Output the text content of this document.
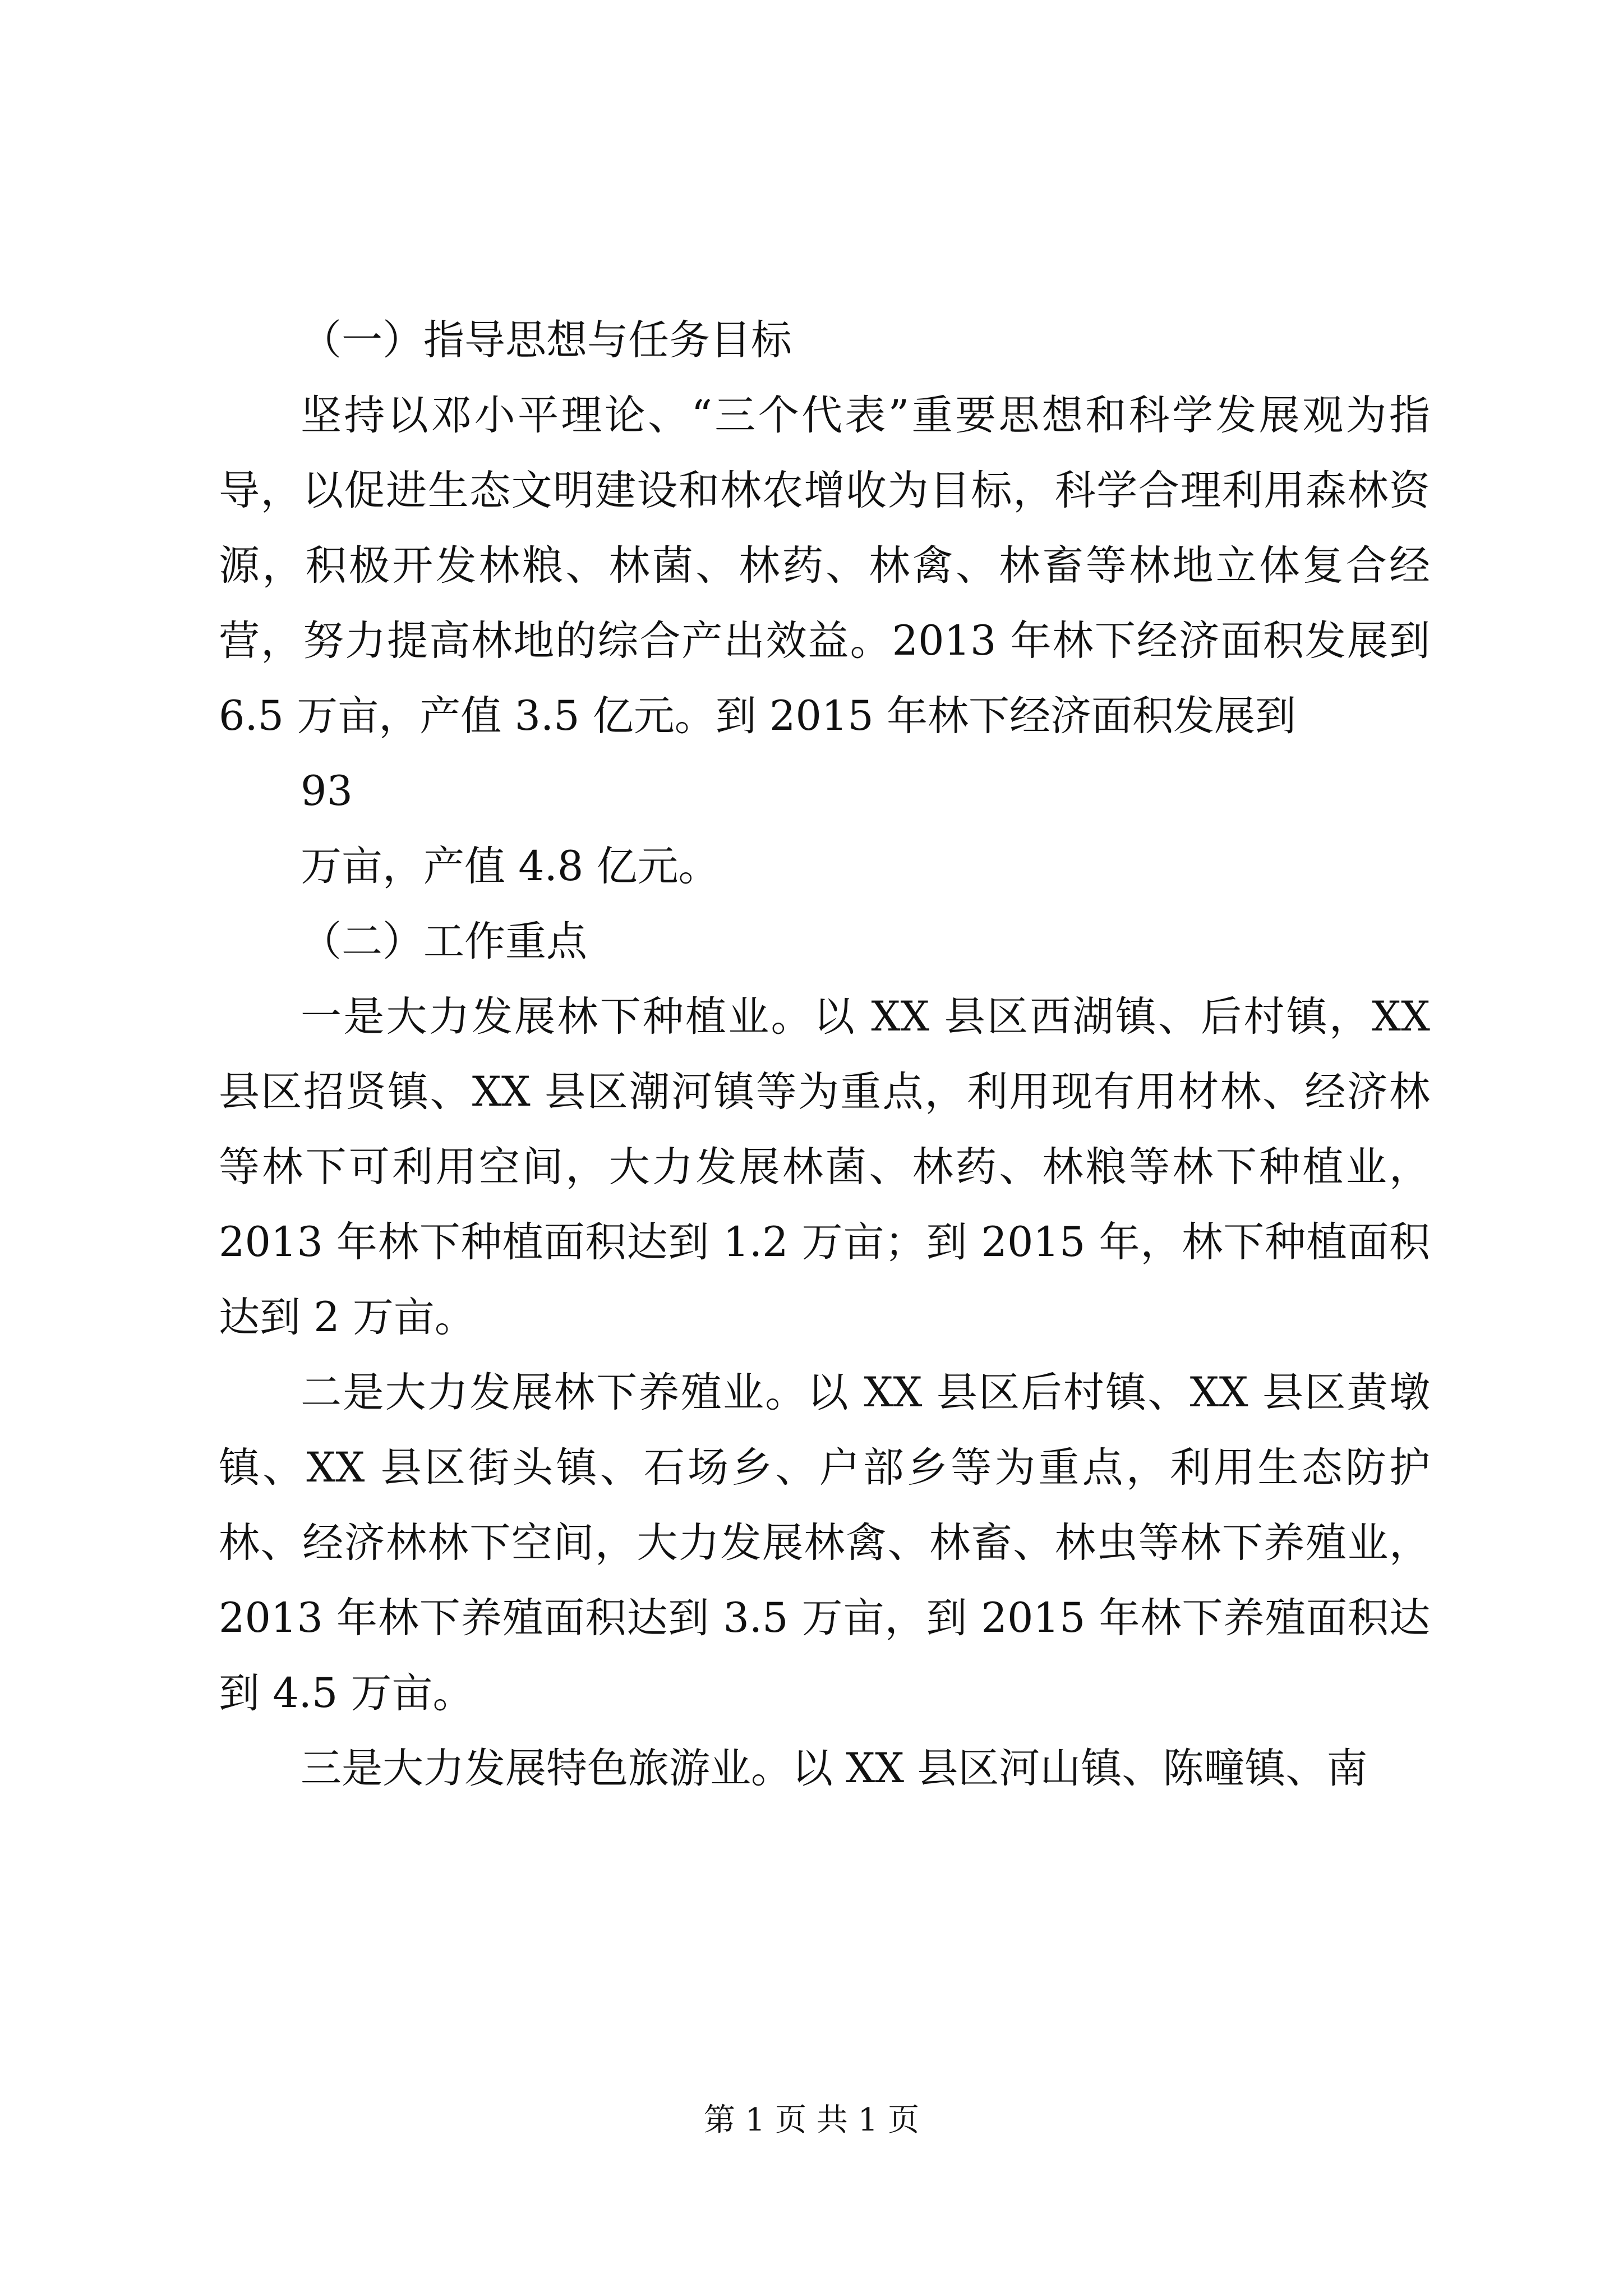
（一）指导思想与任务目标

坚持以邓小平理论、“三个代表”重要思想和科学发展观为指导，以促进生态文明建设和林农增收为目标，科学合理利用森林资源，积极开发林粮、林菌、林药、林禽、林畜等林地立体复合经营，努力提高林地的综合产出效益。2013 年林下经济面积发展到 6.5 万亩，产值 3.5 亿元。到 2015 年林下经济面积发展到

93

万亩，产值 4.8 亿元。

（二）工作重点

一是大力发展林下种植业。以 XX 县区西湖镇、后村镇，XX 县区招贤镇、XX 县区潮河镇等为重点，利用现有用材林、经济林等林下可利用空间，大力发展林菌、林药、林粮等林下种植业，2013 年林下种植面积达到 1.2 万亩；到 2015 年，林下种植面积达到 2 万亩。

二是大力发展林下养殖业。以 XX 县区后村镇、XX 县区黄墩镇、XX 县区街头镇、石场乡、户部乡等为重点，利用生态防护林、经济林林下空间，大力发展林禽、林畜、林虫等林下养殖业，2013 年林下养殖面积达到 3.5 万亩，到 2015 年林下养殖面积达到 4.5 万亩。

三是大力发展特色旅游业。以 XX 县区河山镇、陈疃镇、南

第 1 页 共 1 页
